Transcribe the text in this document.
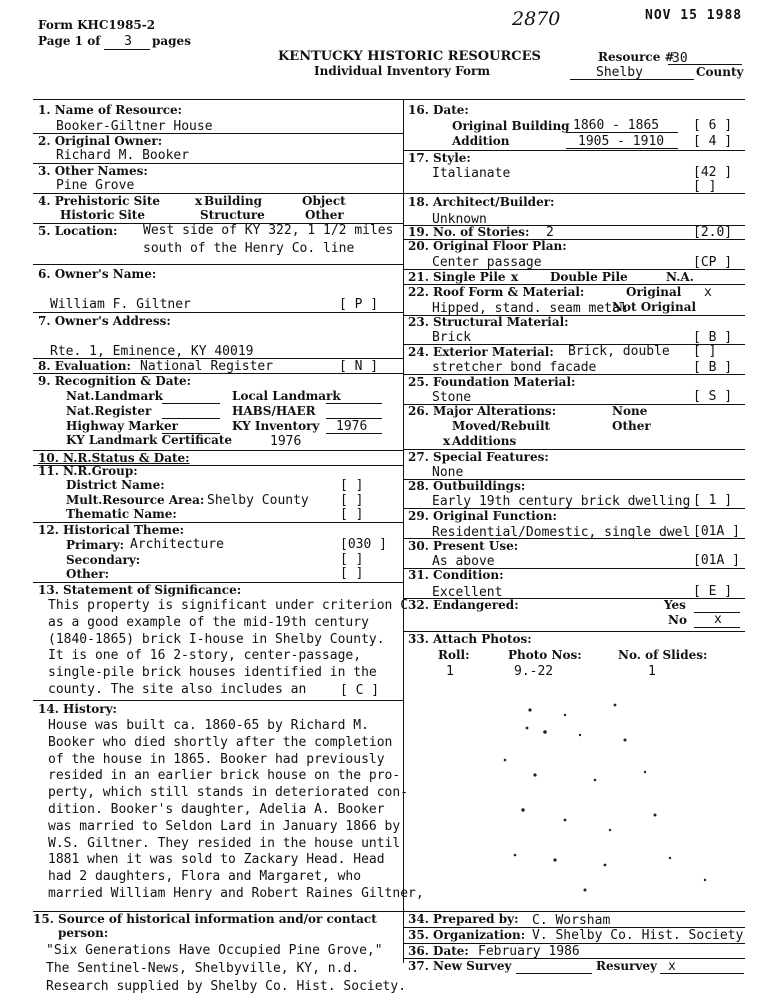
Form KHC1985-2
Page 1 of	3	pages
2870	NOV 15 1988
KENTUCKY HISTORIC RESOURCES
Individual Inventory Form
Resource #
30
Shelby	County
1. Name of Resource:
Booker-Giltner House
2. Original Owner:
Richard M. Booker
3. Other Names:
Pine Grove
4. Prehistoric Site	x Building	Object
Historic Site	Structure	Other
5. Location: West side of KY 322, 1 1/2 miles
south of the Henry Co. line
6. Owner's Name:
William F. Giltner	[ P ]
7. Owner's Address:
Rte. 1, Eminence, KY 40019
8. Evaluation: National Register	[ N ]
9. Recognition & Date:
Nat.Landmark	Local Landmark
Nat.Register	HABS/HAER
Highway Marker	KY Inventory 1976
KY Landmark Certificate	1976
10. N.R.Status & Date:
11. N.R.Group:
District Name:	[ ]
Mult.Resource Area: Shelby County [ ]
Thematic Name:	[ ]
12. Historical Theme:
Primary: Architecture	[030 ]
Secondary:	[ ]
Other:	[ ]
13. Statement of Significance:
This property is significant under criterion C
as a good example of the mid-19th century
(1840-1865) brick I-house in Shelby County.
It is one of 16 2-story, center-passage,
single-pile brick houses identified in the
county. The site also includes an	[ C ]
14. History:
House was built ca. 1860-65 by Richard M.
Booker who died shortly after the completion
of the house in 1865. Booker had previously
resided in an earlier brick house on the pro-
perty, which still stands in deteriorated con-
dition. Booker's daughter, Adelia A. Booker
was married to Seldon Lard in January 1866 by
W.S. Giltner. They resided in the house until
1881 when it was sold to Zackary Head. Head
had 2 daughters, Flora and Margaret, who
married William Henry and Robert Raines Giltner,
15. Source of historical information and/or contact
person:
"Six Generations Have Occupied Pine Grove,"
The Sentinel-News, Shelbyville, KY, n.d.
Research supplied by Shelby Co. Hist. Society.
16. Date:
Original Building 1860 - 1865	[ 6 ]
Addition	1905 - 1910 [ 4 ]
17. Style:
Italianate	[42 ]
[ ]
18. Architect/Builder:
Unknown
19. No. of Stories: 2	[2.0]
20. Original Floor Plan:
Center passage	[CP ]
21. Single Pile x	Double Pile	N.A.
22. Roof Form & Material:	Original x
Hipped, stand. seam metal
Not Original
23. Structural Material:
Brick	[ B ]
24. Exterior Material: Brick, double [ ]
stretcher bond facade	[ B ]
25. Foundation Material:
Stone	[ S ]
26. Major Alterations:	None
Moved/Rebuilt	Other
x Additions
27. Special Features:
None
28. Outbuildings:
Early 19th century brick dwelling [ 1 ]
29. Original Function:
Residential/Domestic, single dwel [01A ]
30. Present Use:
As above	[01A ]
31. Condition:
Excellent	[ E ]
32. Endangered:	Yes
No x
33. Attach Photos:
Roll:	Photo Nos:	No. of Slides:
1	9.-22	1
34. Prepared by: C. Worsham
35. Organization: V. Shelby Co. Hist. Society
36. Date: February 1986
37. New Survey	Resurvey x
